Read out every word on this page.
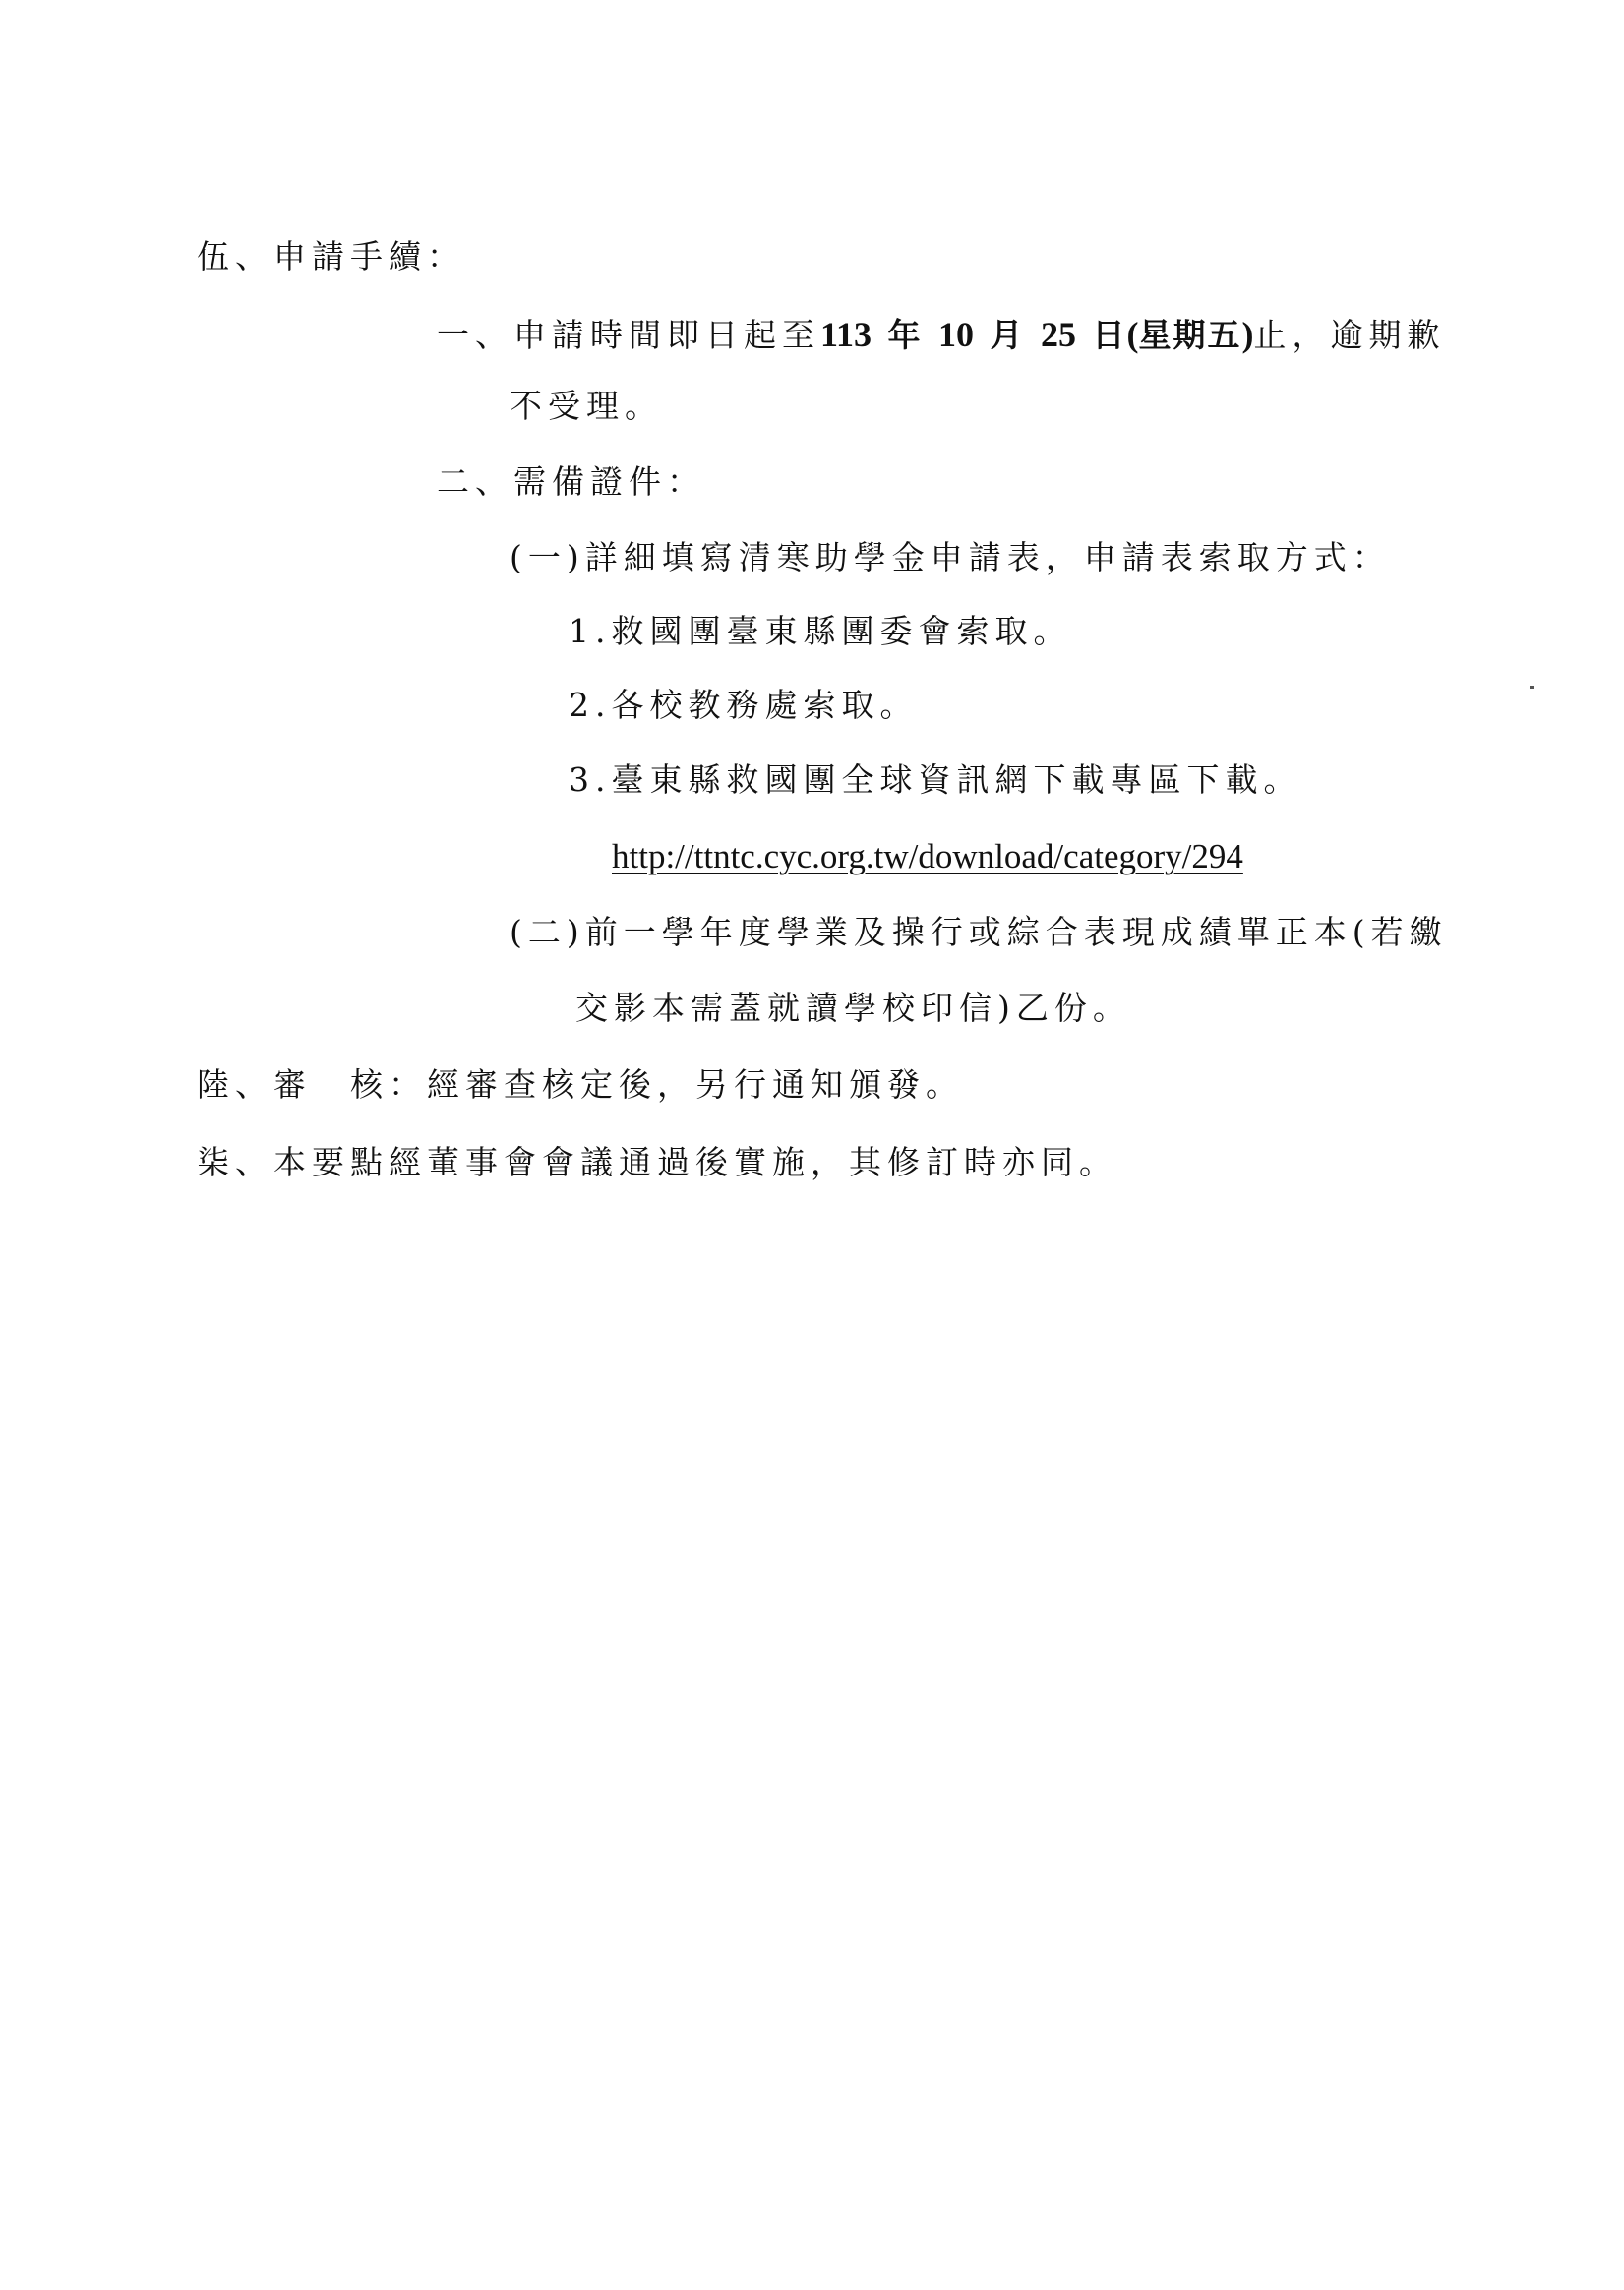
伍、申請手續：
一、申請時間即日起至113 年 10 月 25 日(星期五)止，逾期歉
不受理。
二、需備證件：
(一)詳細填寫清寒助學金申請表，申請表索取方式：
1.救國團臺東縣團委會索取。
2.各校教務處索取。
3.臺東縣救國團全球資訊網下載專區下載。
http://ttntc.cyc.org.tw/download/category/294
(二)前一學年度學業及操行或綜合表現成績單正本(若繳
交影本需蓋就讀學校印信)乙份。
陸、審　核：經審查核定後，另行通知頒發。
柒、本要點經董事會會議通過後實施，其修訂時亦同。
